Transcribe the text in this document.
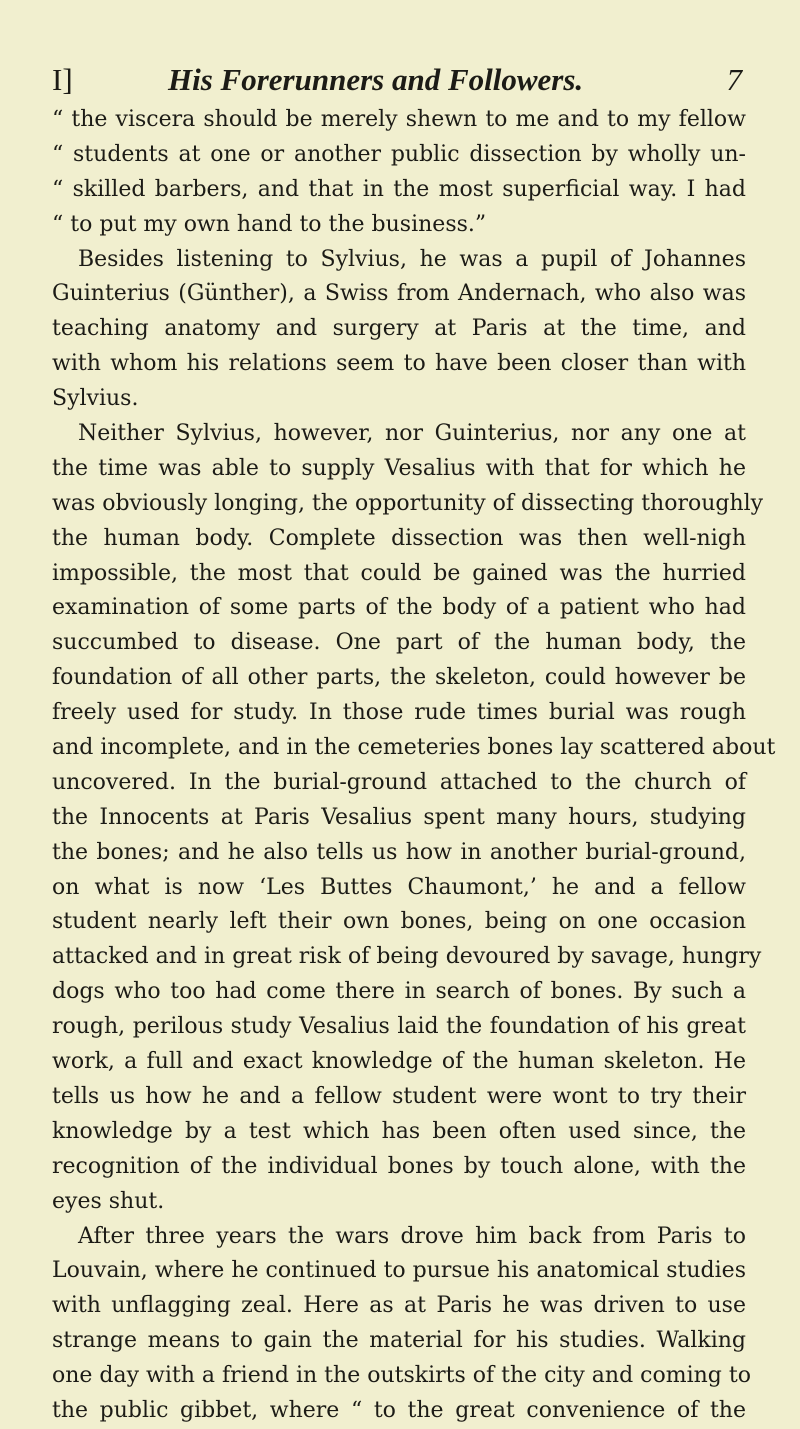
I]	His Forerunners and Followers.	7
“ the viscera should be merely shewn to me and to my fellow
“ students at one or another public dissection by wholly un-
“ skilled barbers, and that in the most superficial way. I had
“ to put my own hand to the business.”
Besides listening to Sylvius, he was a pupil of Johannes
Guinterius (Günther), a Swiss from Andernach, who also was
teaching anatomy and surgery at Paris at the time, and
with whom his relations seem to have been closer than with
Sylvius.
Neither Sylvius, however, nor Guinterius, nor any one at
the time was able to supply Vesalius with that for which he
was obviously longing, the opportunity of dissecting thoroughly
the human body. Complete dissection was then well-nigh
impossible, the most that could be gained was the hurried
examination of some parts of the body of a patient who had
succumbed to disease. One part of the human body, the
foundation of all other parts, the skeleton, could however be
freely used for study. In those rude times burial was rough
and incomplete, and in the cemeteries bones lay scattered about
uncovered. In the burial-ground attached to the church of
the Innocents at Paris Vesalius spent many hours, studying
the bones; and he also tells us how in another burial-ground,
on what is now ‘Les Buttes Chaumont,’ he and a fellow
student nearly left their own bones, being on one occasion
attacked and in great risk of being devoured by savage, hungry
dogs who too had come there in search of bones. By such a
rough, perilous study Vesalius laid the foundation of his great
work, a full and exact knowledge of the human skeleton. He
tells us how he and a fellow student were wont to try their
knowledge by a test which has been often used since, the
recognition of the individual bones by touch alone, with the
eyes shut.
After three years the wars drove him back from Paris to
Louvain, where he continued to pursue his anatomical studies
with unflagging zeal. Here as at Paris he was driven to use
strange means to gain the material for his studies. Walking
one day with a friend in the outskirts of the city and coming to
the public gibbet, where “ to the great convenience of the
